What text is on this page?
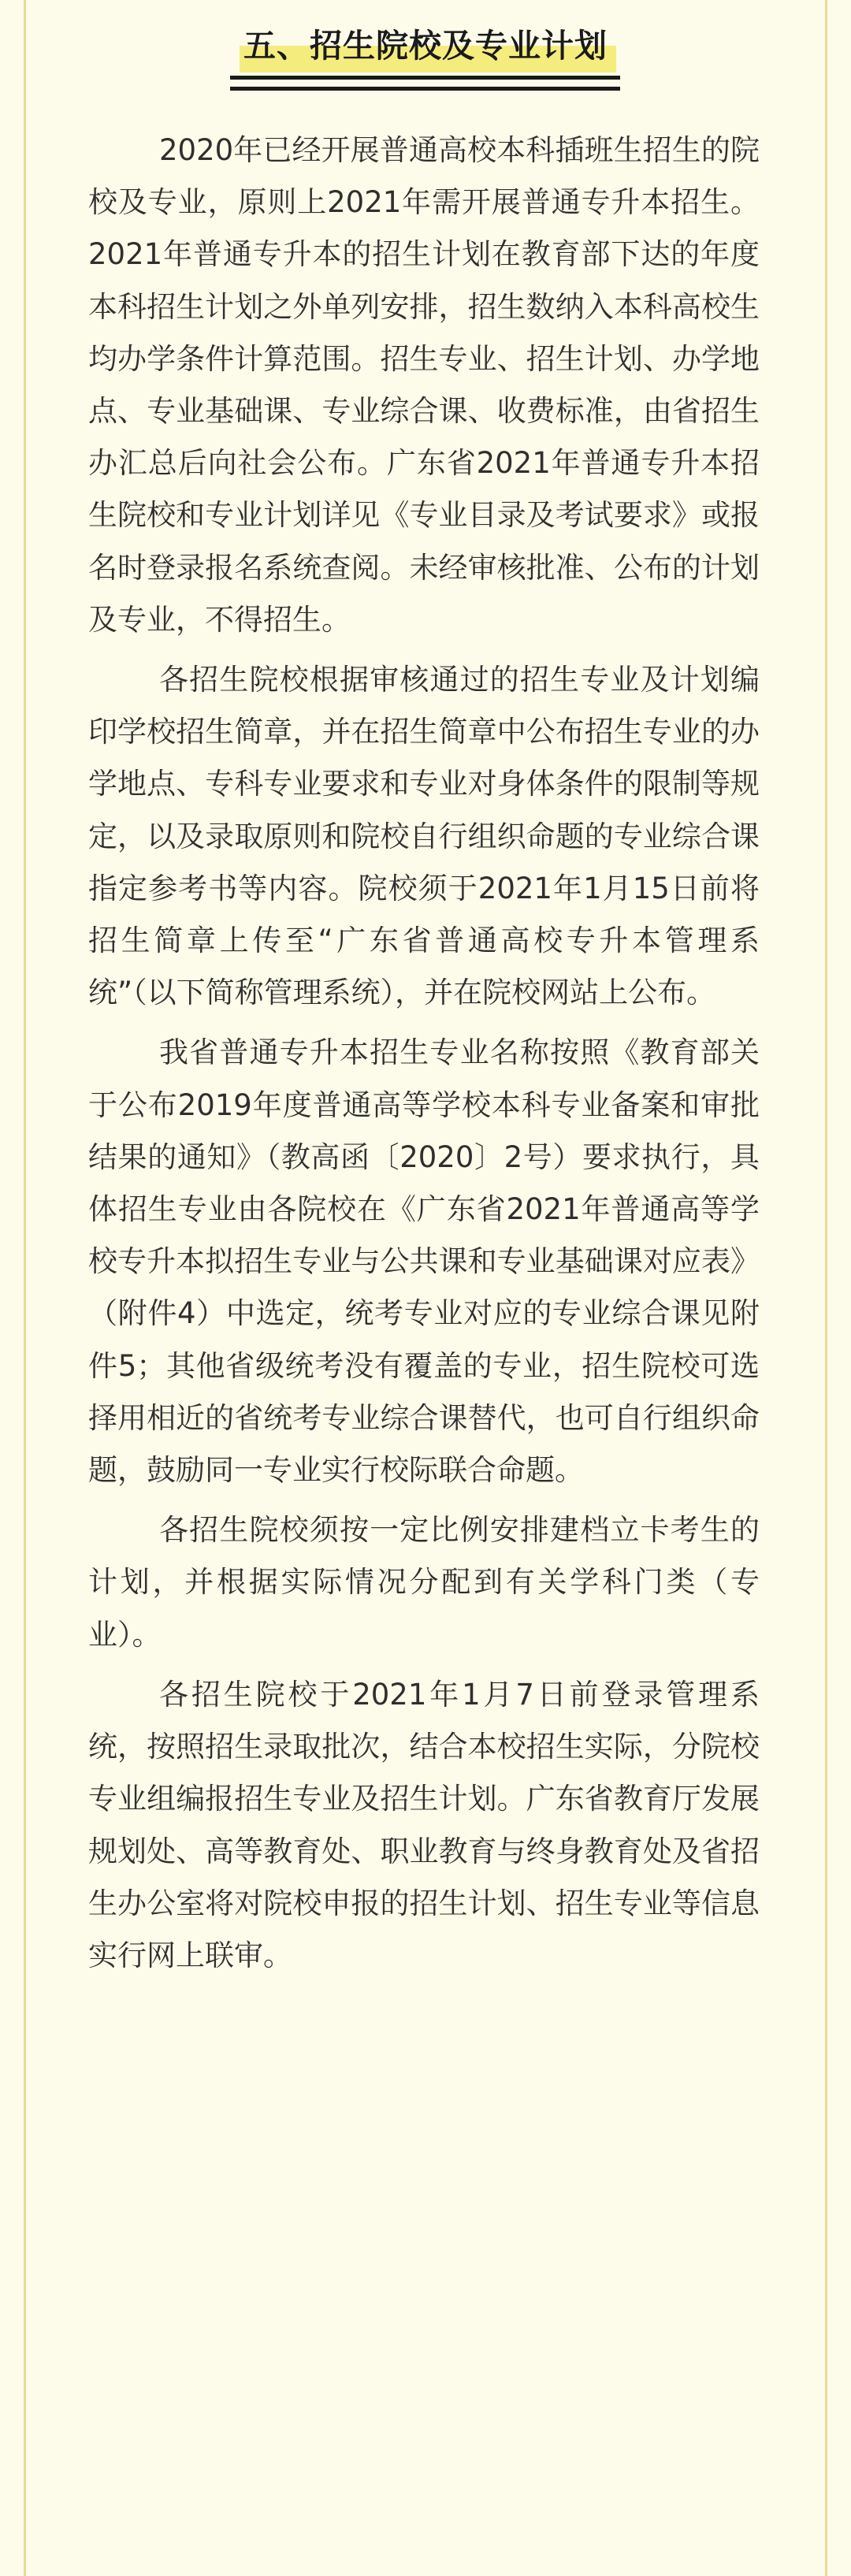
五、招生院校及专业计划

2020年已经开展普通高校本科插班生招生的院校及专业，原则上2021年需开展普通专升本招生。2021年普通专升本的招生计划在教育部下达的年度本科招生计划之外单列安排，招生数纳入本科高校生均办学条件计算范围。招生专业、招生计划、办学地点、专业基础课、专业综合课、收费标准，由省招生办汇总后向社会公布。广东省2021年普通专升本招生院校和专业计划详见《专业目录及考试要求》或报名时登录报名系统查阅。未经审核批准、公布的计划及专业，不得招生。

各招生院校根据审核通过的招生专业及计划编印学校招生简章，并在招生简章中公布招生专业的办学地点、专科专业要求和专业对身体条件的限制等规定，以及录取原则和院校自行组织命题的专业综合课指定参考书等内容。院校须于2021年1月15日前将招生简章上传至“广东省普通高校专升本管理系统”（以下简称管理系统），并在院校网站上公布。

我省普通专升本招生专业名称按照《教育部关于公布2019年度普通高等学校本科专业备案和审批结果的通知》（教高函〔2020〕2号）要求执行，具体招生专业由各院校在《广东省2021年普通高等学校专升本拟招生专业与公共课和专业基础课对应表》（附件4）中选定，统考专业对应的专业综合课见附件5；其他省级统考没有覆盖的专业，招生院校可选择用相近的省统考专业综合课替代，也可自行组织命题，鼓励同一专业实行校际联合命题。

各招生院校须按一定比例安排建档立卡考生的计划，并根据实际情况分配到有关学科门类（专业）。

各招生院校于2021年1月7日前登录管理系统，按照招生录取批次，结合本校招生实际，分院校专业组编报招生专业及招生计划。广东省教育厅发展规划处、高等教育处、职业教育与终身教育处及省招生办公室将对院校申报的招生计划、招生专业等信息实行网上联审。
